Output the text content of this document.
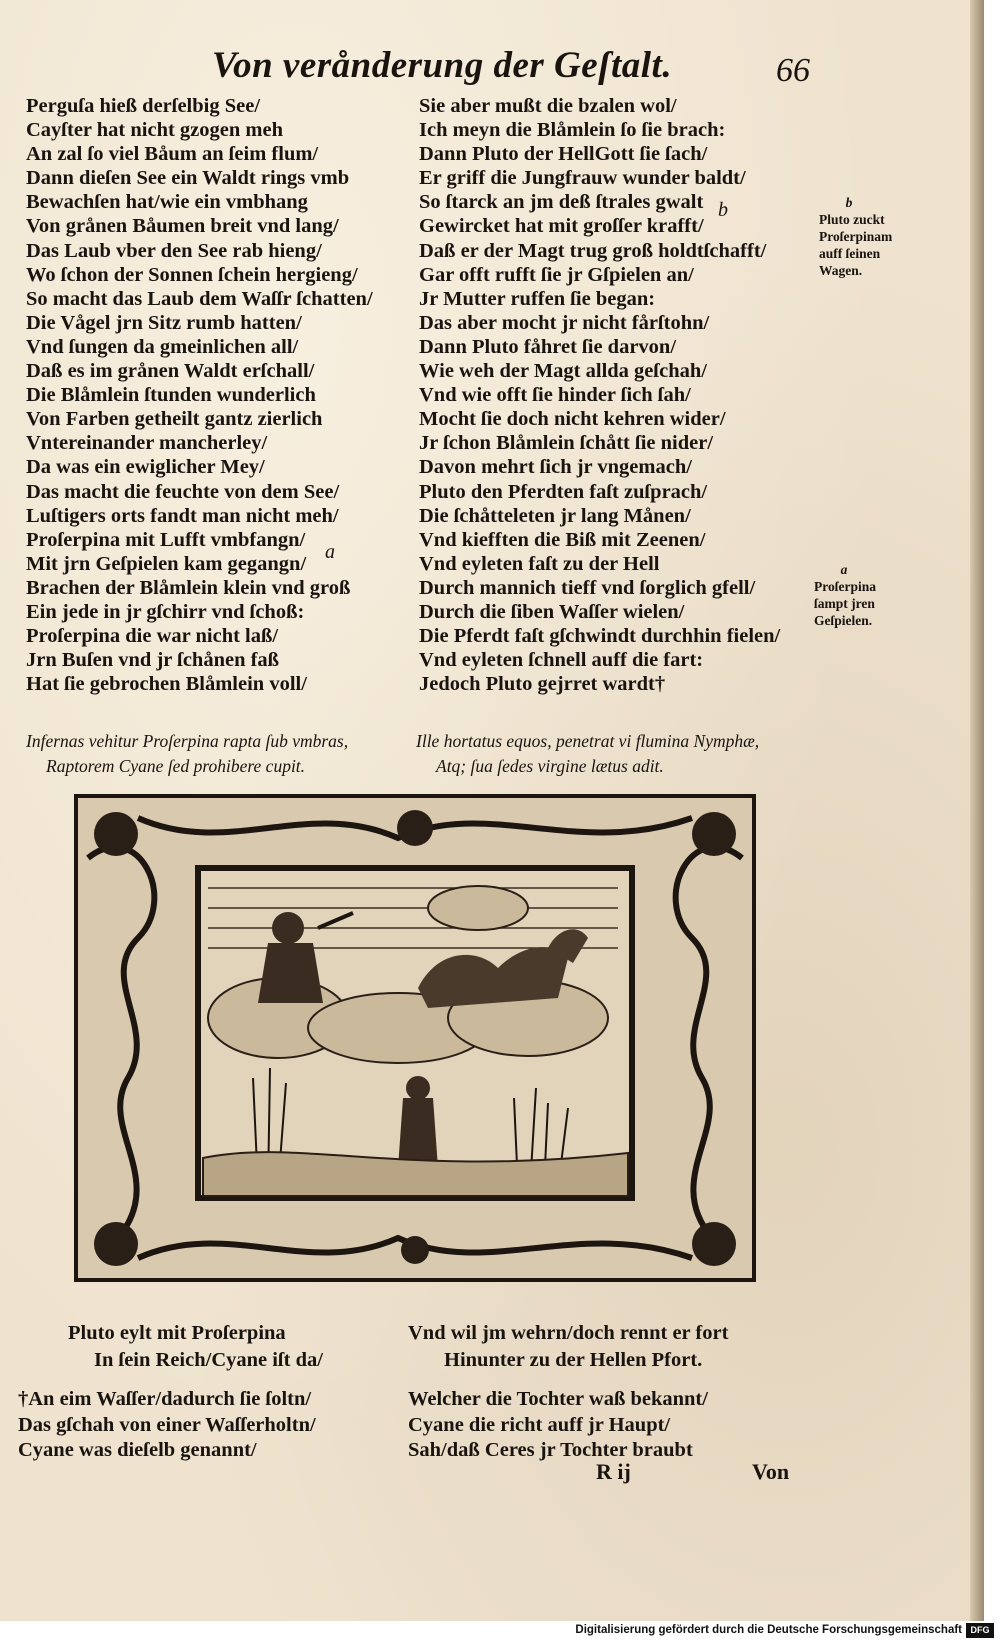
Von verånderung der Geſtalt.	66
Perguſa hieß derſelbig See/
Cayſter hat nicht gzogen meh
An zal ſo viel Båum an ſeim flum/
Dann dieſen See ein Waldt rings vmb
Bewachſen hat/wie ein vmbhang
Von grånen Båumen breit vnd lang/
Das Laub vber den See rab hieng/
Wo ſchon der Sonnen ſchein hergieng/
So macht das Laub dem Waſſr ſchatten/
Die Vågel jrn Sitz rumb hatten/
Vnd ſungen da gmeinlichen all/
Daß es im grånen Waldt erſchall/
Die Blåmlein ſtunden wunderlich
Von Farben getheilt gantz zierlich
Vntereinander mancherley/
Da was ein ewiglicher Mey/
Das macht die feuchte von dem See/
Luſtigers orts fandt man nicht meh/
Proſerpina mit Lufft vmbfangn/
Mit jrn Geſpielen kam gegangn/
Brachen der Blåmlein klein vnd groß
Ein jede in jr gſchirr vnd ſchoß:
Proſerpina die war nicht laß/
Jrn Buſen vnd jr ſchånen faß
Hat ſie gebrochen Blåmlein voll/
a
Sie aber mußt die bzalen wol/
Ich meyn die Blåmlein ſo ſie brach:
Dann Pluto der HellGott ſie ſach/
Er griff die Jungfrauw wunder baldt/
So ſtarck an jm deß ſtrales gwalt
Gewircket hat mit groſſer krafft/
Daß er der Magt trug groß holdtſchafft/
Gar offt rufft ſie jr Gſpielen an/
Jr Mutter ruffen ſie began:
Das aber mocht jr nicht fårſtohn/
Dann Pluto fåhret ſie darvon/
Wie weh der Magt allda geſchah/
Vnd wie offt ſie hinder ſich ſah/
Mocht ſie doch nicht kehren wider/
Jr ſchon Blåmlein ſchått ſie nider/
Davon mehrt ſich jr vngemach/
Pluto den Pferdten faſt zuſprach/
Die ſchåtteleten jr lang Månen/
Vnd kiefften die Biß mit Zeenen/
Vnd eyleten faſt zu der Hell
Durch mannich tieff vnd ſorglich gfell/
Durch die ſiben Waſſer wielen/
Die Pferdt faſt gſchwindt durchhin fielen/
Vnd eyleten ſchnell auff die fart:
Jedoch Pluto gejrret wardt†
b	b
Pluto zuckt
Proſerpinam
auff ſeinen
Wagen.
a
Proſerpina
ſampt jren
Geſpielen.
Infernas vehitur Proſerpina rapta ſub vmbras,
Raptorem Cyane ſed prohibere cupit.
Ille hortatus equos, penetrat vi flumina Nymphæ,
Atq; ſua ſedes virgine lætus adit.
Pluto eylt mit Proſerpina
In ſein Reich/Cyane iſt da/
Vnd wil jm wehrn/doch rennt er fort
Hinunter zu der Hellen Pfort.
†An eim Waſſer/dadurch ſie ſoltn/
Das gſchah von einer Waſſerholtn/
Cyane was dieſelb genannt/
Welcher die Tochter waß bekannt/
Cyane die richt auff jr Haupt/
Sah/daß Ceres jr Tochter braubt
R ij	Von
Digitalisierung gefördert durch die Deutsche Forschungsgemeinschaft DFG
